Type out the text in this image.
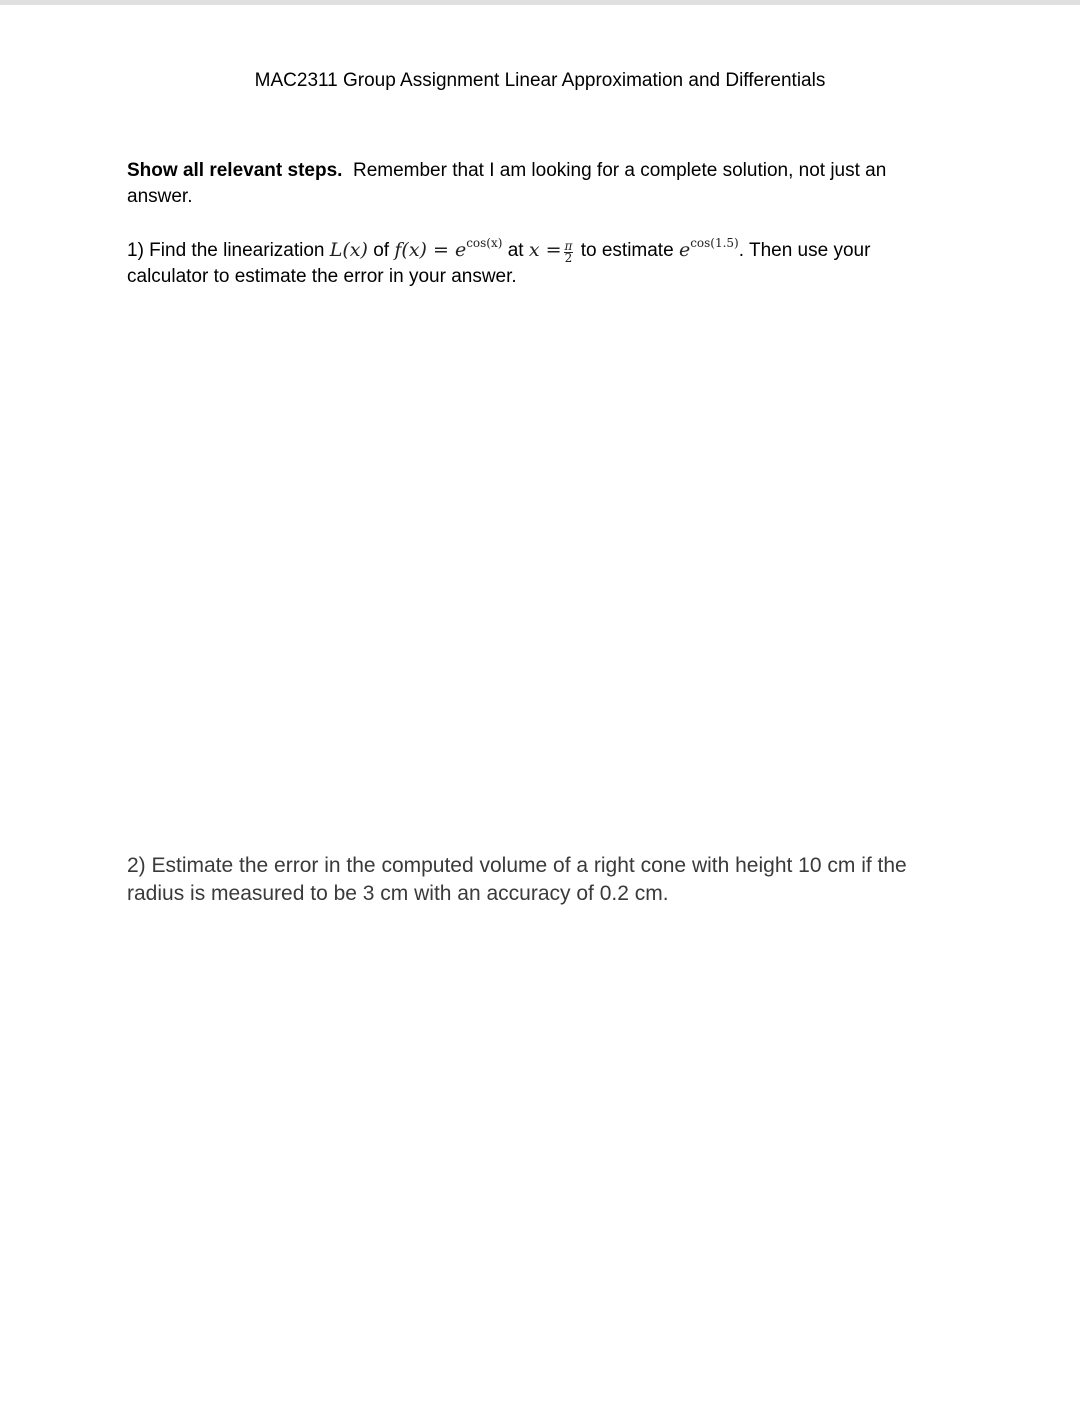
MAC2311 Group Assignment Linear Approximation and Differentials

Show all relevant steps. Remember that I am looking for a complete solution, not just an answer.

1) Find the linearization L(x) of $f(x) = e^{cos(x)}$ at $x = \frac{\pi}{2}$ to estimate $e^{cos(1.5)}$. Then use your calculator to estimate the error in your answer.

2) Estimate the error in the computed volume of a right cone with height 10 cm if the radius is measured to be 3 cm with an accuracy of 0.2 cm.
